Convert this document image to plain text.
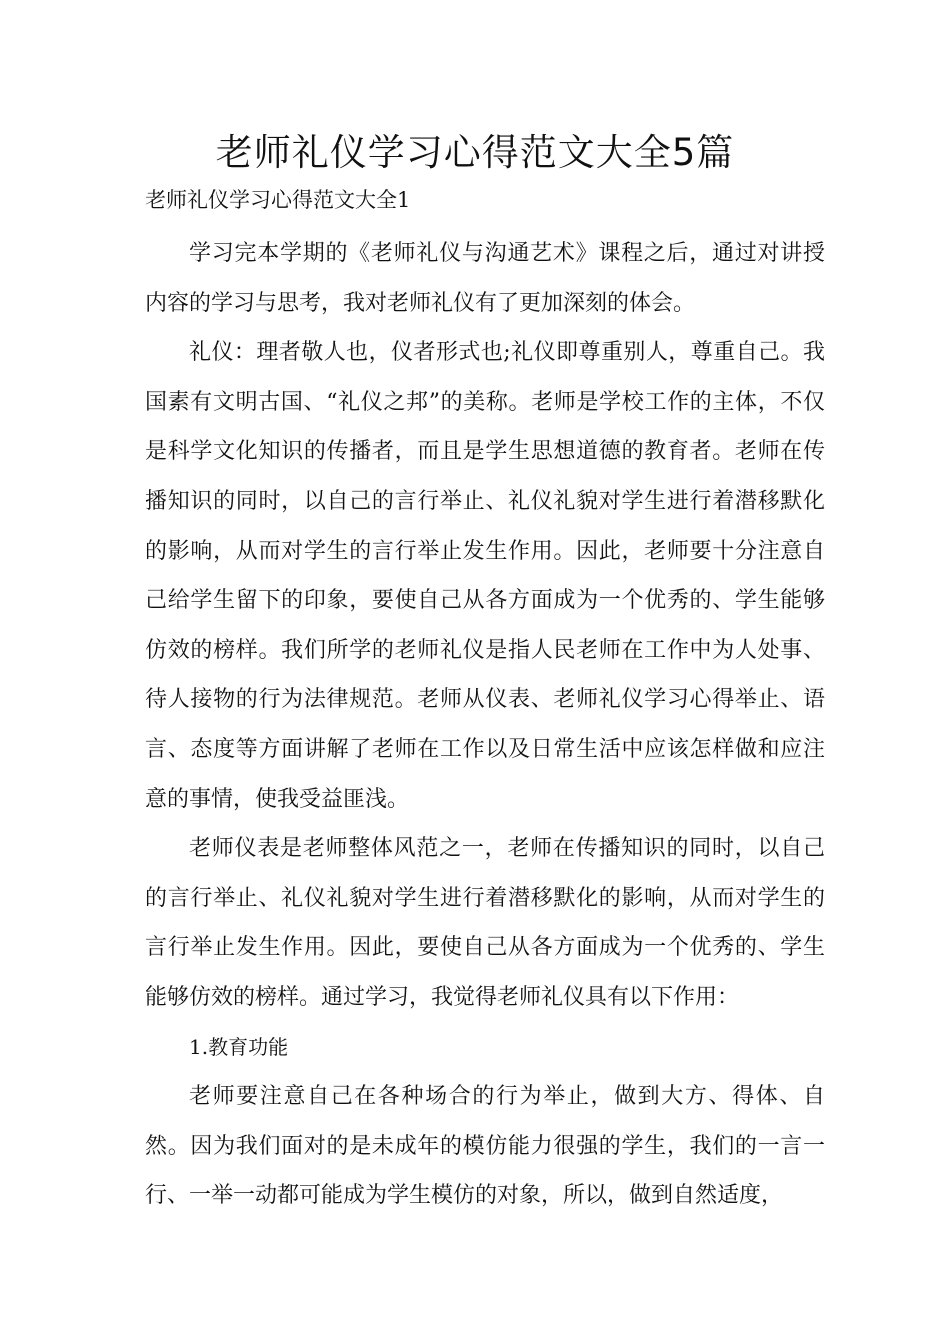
老师礼仪学习心得范文大全5篇
老师礼仪学习心得范文大全1

学习完本学期的《老师礼仪与沟通艺术》课程之后，通过对讲授内容的学习与思考，我对老师礼仪有了更加深刻的体会。

礼仪：理者敬人也，仪者形式也;礼仪即尊重别人，尊重自己。我国素有文明古国、“礼仪之邦”的美称。老师是学校工作的主体，不仅是科学文化知识的传播者，而且是学生思想道德的教育者。老师在传播知识的同时，以自己的言行举止、礼仪礼貌对学生进行着潜移默化的影响，从而对学生的言行举止发生作用。因此，老师要十分注意自己给学生留下的印象，要使自己从各方面成为一个优秀的、学生能够仿效的榜样。我们所学的老师礼仪是指人民老师在工作中为人处事、待人接物的行为法律规范。老师从仪表、老师礼仪学习心得举止、语言、态度等方面讲解了老师在工作以及日常生活中应该怎样做和应注意的事情，使我受益匪浅。

老师仪表是老师整体风范之一，老师在传播知识的同时，以自己的言行举止、礼仪礼貌对学生进行着潜移默化的影响，从而对学生的言行举止发生作用。因此，要使自己从各方面成为一个优秀的、学生能够仿效的榜样。通过学习，我觉得老师礼仪具有以下作用：

1.教育功能

老师要注意自己在各种场合的行为举止，做到大方、得体、自然。因为我们面对的是未成年的模仿能力很强的学生，我们的一言一行、一举一动都可能成为学生模仿的对象，所以，做到自然适度，
